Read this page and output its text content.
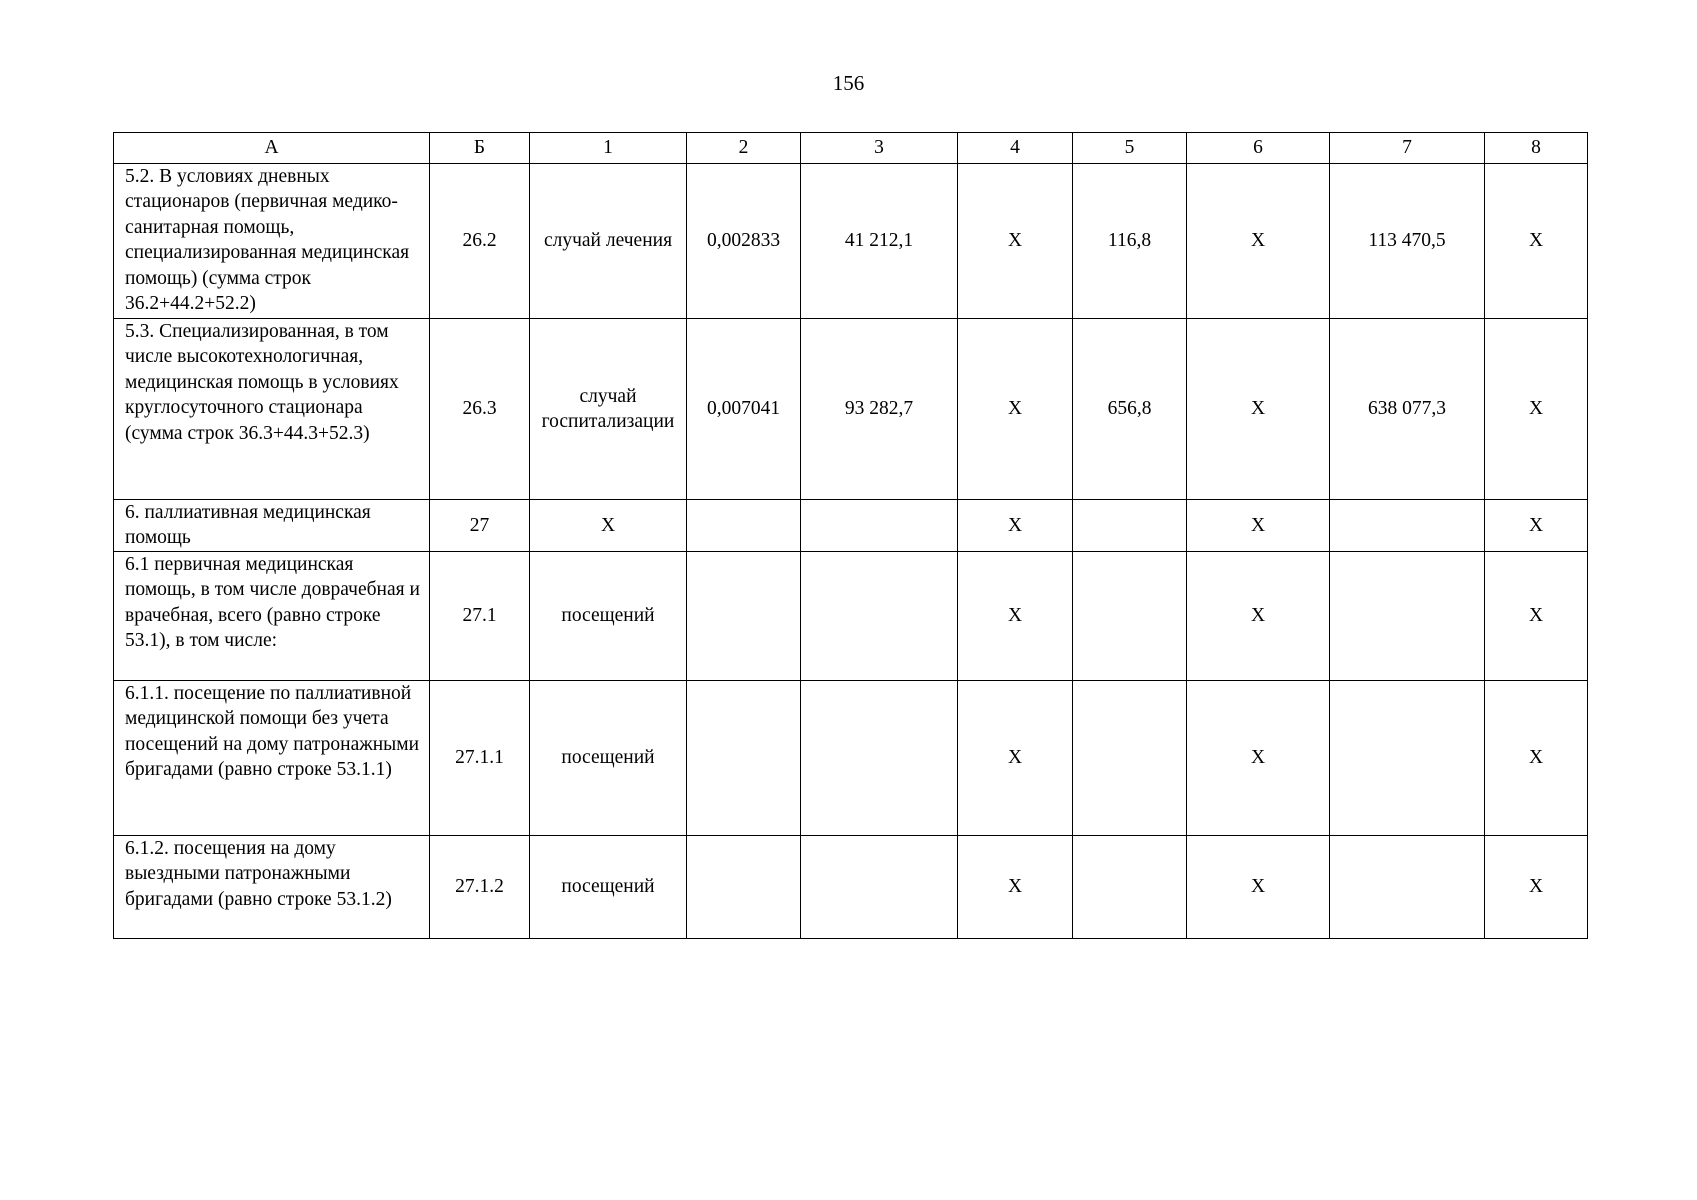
156
А	Б	1	2	3	4	5	6	7	8
5.2. В условиях дневных стационаров (первичная медико-санитарная помощь, специализированная медицинская помощь) (сумма строк 36.2+44.2+52.2)	26.2	случай лечения	0,002833	41 212,1	Х	116,8	Х	113 470,5	Х
5.3. Специализированная, в том числе высокотехнологичная, медицинская помощь в условиях круглосуточного стационара (сумма строк 36.3+44.3+52.3)	26.3	случай госпитализации	0,007041	93 282,7	Х	656,8	Х	638 077,3	Х
6. паллиативная медицинская помощь	27	Х			Х		Х		Х
6.1 первичная медицинская помощь, в том числе доврачебная и врачебная, всего (равно строке 53.1), в том числе:	27.1	посещений			Х		Х		Х
6.1.1. посещение по паллиативной медицинской помощи без учета посещений на дому патронажными бригадами (равно строке 53.1.1)	27.1.1	посещений			Х		Х		Х
6.1.2. посещения на дому выездными патронажными бригадами (равно строке 53.1.2)	27.1.2	посещений			Х		Х		Х
